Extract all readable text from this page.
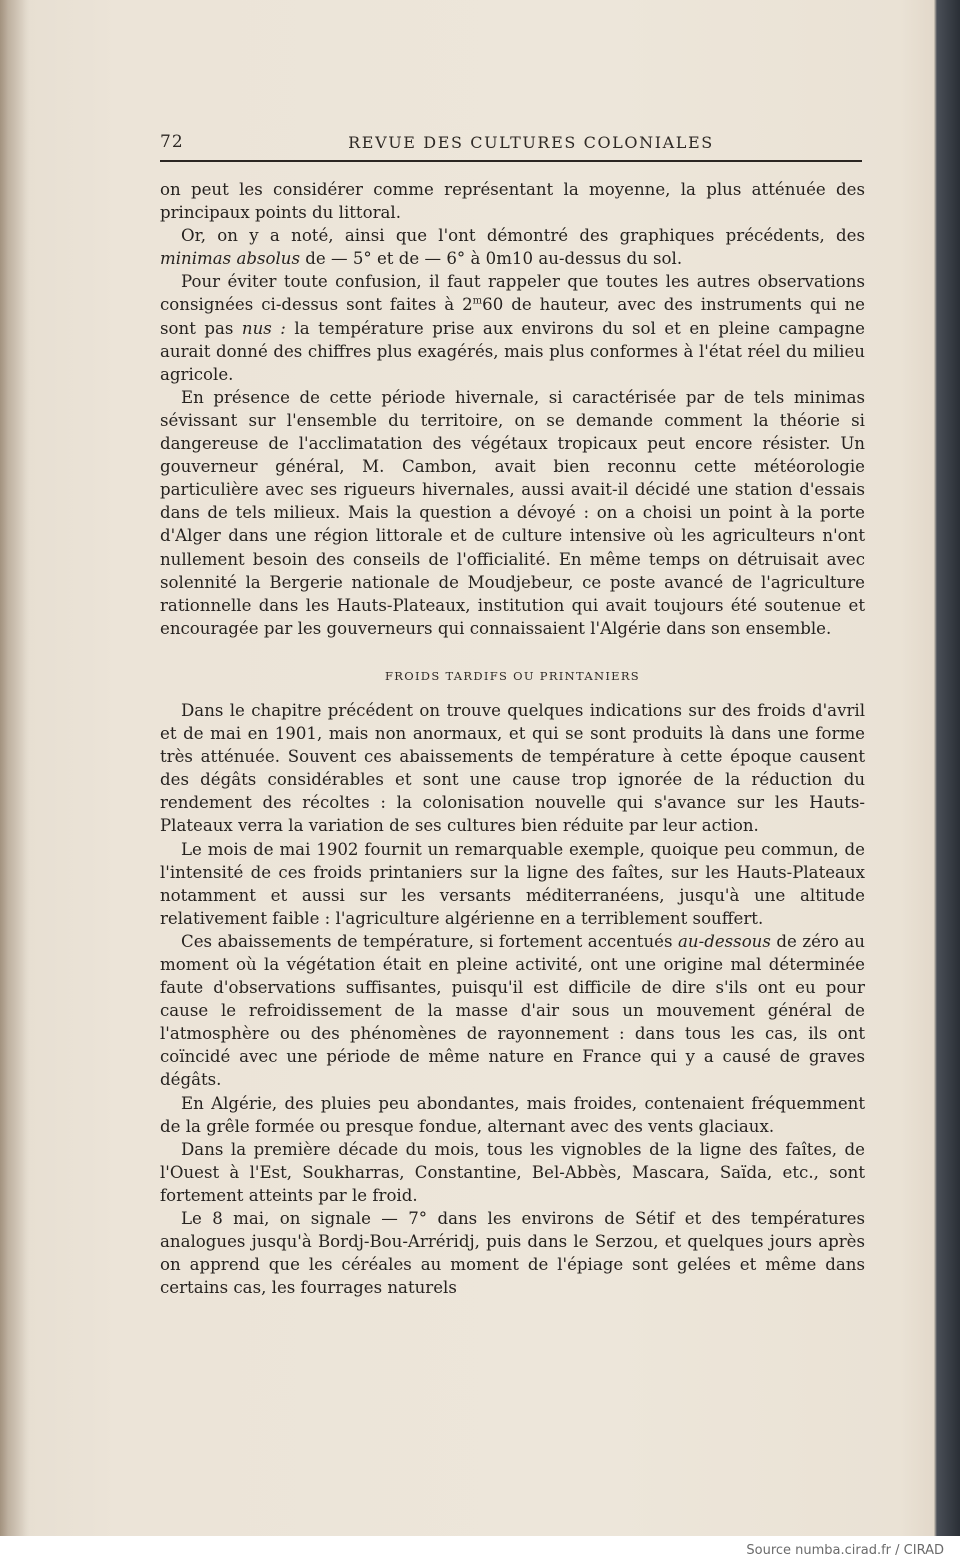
72	REVUE DES CULTURES COLONIALES

on peut les considérer comme représentant la moyenne, la plus atténuée des principaux points du littoral.

Or, on y a noté, ainsi que l'ont démontré des graphiques précédents, des minimas absolus de — 5° et de — 6° à 0m10 au-dessus du sol.

Pour éviter toute confusion, il faut rappeler que toutes les autres observations consignées ci-dessus sont faites à 2$^m$60 de hauteur, avec des instruments qui ne sont pas nus : la température prise aux environs du sol et en pleine campagne aurait donné des chiffres plus exagérés, mais plus conformes à l'état réel du milieu agricole.

En présence de cette période hivernale, si caractérisée par de tels minimas sévissant sur l'ensemble du territoire, on se demande comment la théorie si dangereuse de l'acclimatation des végétaux tropicaux peut encore résister. Un gouverneur général, M. Cambon, avait bien reconnu cette météorologie particulière avec ses rigueurs hivernales, aussi avait-il décidé une station d'essais dans de tels milieux. Mais la question a dévoyé : on a choisi un point à la porte d'Alger dans une région littorale et de culture intensive où les agriculteurs n'ont nullement besoin des conseils de l'officialité. En même temps on détruisait avec solennité la Bergerie nationale de Moudjebeur, ce poste avancé de l'agriculture rationnelle dans les Hauts-Plateaux, institution qui avait toujours été soutenue et encouragée par les gouverneurs qui connaissaient l'Algérie dans son ensemble.

FROIDS TARDIFS OU PRINTANIERS

Dans le chapitre précédent on trouve quelques indications sur des froids d'avril et de mai en 1901, mais non anormaux, et qui se sont produits là dans une forme très atténuée. Souvent ces abaissements de température à cette époque causent des dégâts considérables et sont une cause trop ignorée de la réduction du rendement des récoltes : la colonisation nouvelle qui s'avance sur les Hauts-Plateaux verra la variation de ses cultures bien réduite par leur action.

Le mois de mai 1902 fournit un remarquable exemple, quoique peu commun, de l'intensité de ces froids printaniers sur la ligne des faîtes, sur les Hauts-Plateaux notamment et aussi sur les versants méditerranéens, jusqu'à une altitude relativement faible : l'agriculture algérienne en a terriblement souffert.

Ces abaissements de température, si fortement accentués au-dessous de zéro au moment où la végétation était en pleine activité, ont une origine mal déterminée faute d'observations suffisantes, puisqu'il est difficile de dire s'ils ont eu pour cause le refroidissement de la masse d'air sous un mouvement général de l'atmosphère ou des phénomènes de rayonnement : dans tous les cas, ils ont coïncidé avec une période de même nature en France qui y a causé de graves dégâts.

En Algérie, des pluies peu abondantes, mais froides, contenaient fréquemment de la grêle formée ou presque fondue, alternant avec des vents glaciaux.

Dans la première décade du mois, tous les vignobles de la ligne des faîtes, de l'Ouest à l'Est, Soukharras, Constantine, Bel-Abbès, Mascara, Saïda, etc., sont fortement atteints par le froid.

Le 8 mai, on signale — 7° dans les environs de Sétif et des températures analogues jusqu'à Bordj-Bou-Arréridj, puis dans le Serzou, et quelques jours après on apprend que les céréales au moment de l'épiage sont gelées et même dans certains cas, les fourrages naturels

Source numba.cirad.fr / CIRAD
